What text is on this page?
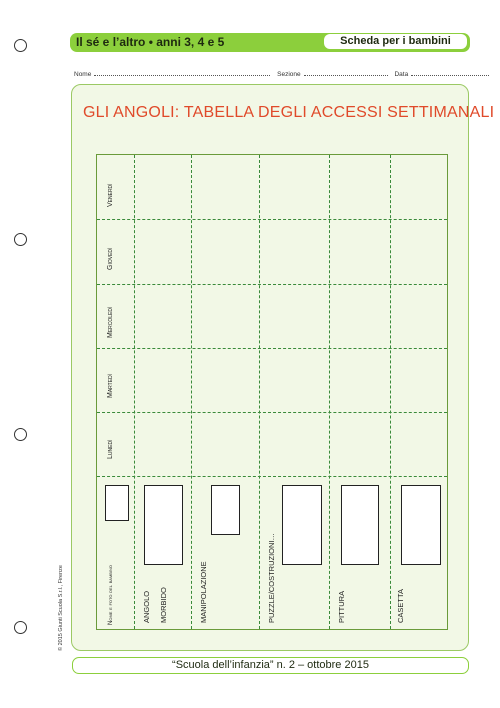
Il sé e l’altro • anni 3, 4 e 5	Scheda per i bambini
Nome	Sezione	Data
GLI ANGOLI: TABELLA DEGLI ACCESSI SETTIMANALI
Venerdì
Giovedì
Mercoledì
Martedì
Lunedì
Nome e foto del bambino	ANGOLO MORBIDO	MANIPOLAZIONE	PUZZLE/COSTRUZIONI…	PITTURA	CASETTA
© 2015 Giunti Scuola S.r.l., Firenze
“Scuola dell’infanzia” n. 2 – ottobre 2015
